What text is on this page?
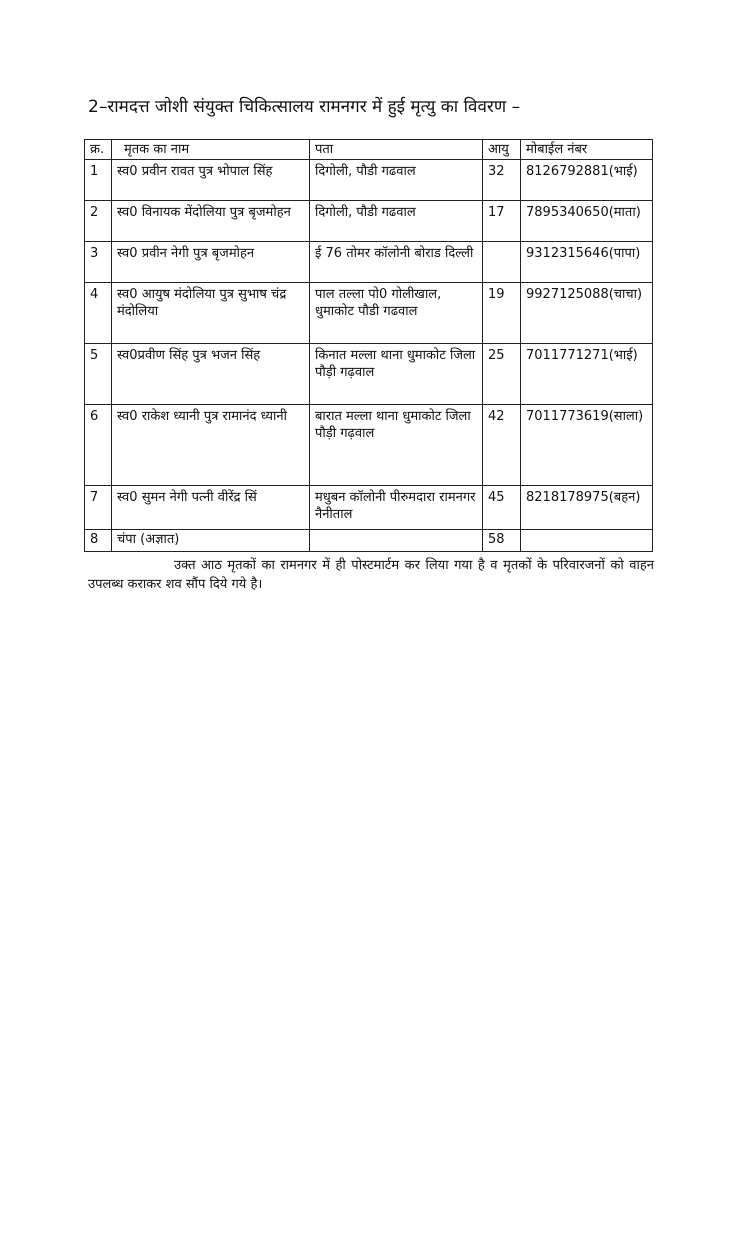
2–रामदत्त जोशी संयुक्त चिकित्सालय रामनगर में हुई मृत्यु का विवरण –
क्र.	मृतक का नाम	पता	आयु	मोबाईल नंबर
1	स्व0 प्रवीन रावत पुत्र भोपाल सिंह	दिगोली, पौडी गढवाल	32	8126792881(भाई)
2	स्व0 विनायक मेंदोलिया पुत्र बृजमोहन	दिगोली, पौडी गढवाल	17	7895340650(माता)
3	स्व0 प्रवीन नेगी पुत्र बृजमोहन	ई 76 तोमर कॉलोनी बोराड दिल्ली		9312315646(पापा)
4	स्व0 आयुष मंदोलिया पुत्र सुभाष चंद्र मंदोलिया	पाल तल्ला पो0 गोलीखाल, धुमाकोट पौडी गढवाल	19	9927125088(चाचा)
5	स्व0प्रवीण सिंह पुत्र भजन सिंह	किनात मल्ला थाना धुमाकोट जिला पौड़ी गढ़वाल	25	7011771271(भाई)
6	स्व0 राकेश ध्यानी पुत्र रामानंद ध्यानी	बारात मल्ला थाना धुमाकोट जिला पौड़ी गढ़वाल	42	7011773619(साला)
7	स्व0 सुमन नेगी पत्नी वीरेंद्र सिं	मधुबन कॉलोनी पीरुमदारा रामनगर नैनीताल	45	8218178975(बहन)
8	चंपा (अज्ञात)		58	

उक्त आठ मृतकों का रामनगर में ही पोस्टमार्टम कर लिया गया है व मृतकों के परिवारजनों को वाहन उपलब्ध कराकर शव सौंप दिये गये है।
